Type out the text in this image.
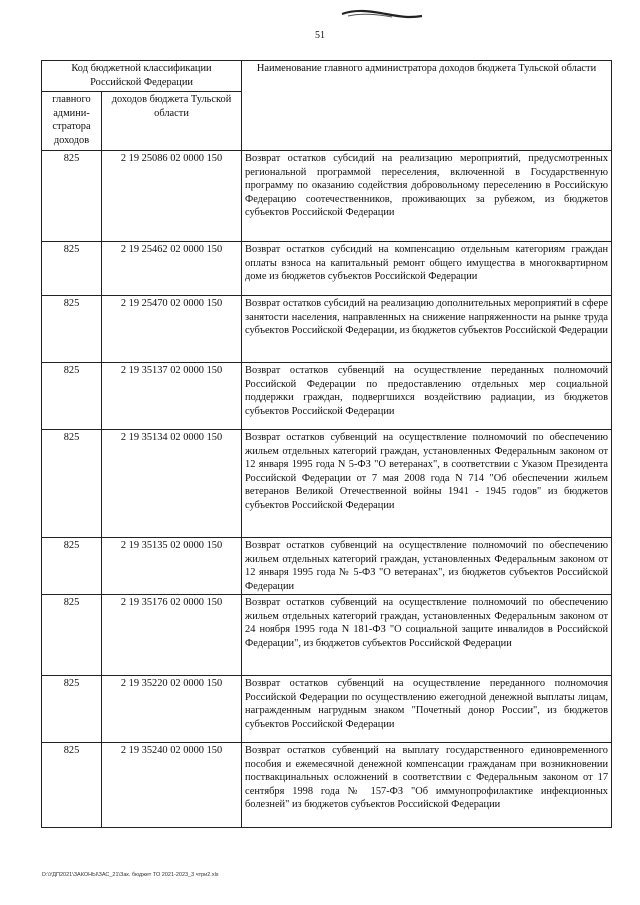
51
Код бюджетной классификации Российской Федерации		Наименование главного администратора доходов бюджета Тульской области
главного админи-стратора доходов	доходов бюджета Тульской области	
825	2 19 25086 02 0000 150	Возврат остатков субсидий на реализацию мероприятий, предусмотренных региональной программой переселения, включенной в Государственную программу по оказанию содействия добровольному переселению в Российскую Федерацию соотечественников, проживающих за рубежом, из бюджетов субъектов Российской Федерации
825	2 19 25462 02 0000 150	Возврат остатков субсидий на компенсацию отдельным категориям граждан оплаты взноса на капитальный ремонт общего имущества в многоквартирном доме из бюджетов субъектов Российской Федерации
825	2 19 25470 02 0000 150	Возврат остатков субсидий на реализацию дополнительных мероприятий в сфере занятости населения, направленных на снижение напряженности на рынке труда субъектов Российской Федерации, из бюджетов субъектов Российской Федерации
825	2 19 35137 02 0000 150	Возврат остатков субвенций на осуществление переданных полномочий Российской Федерации по предоставлению отдельных мер социальной поддержки граждан, подвергшихся воздействию радиации, из бюджетов субъектов Российской Федерации
825	2 19 35134 02 0000 150	Возврат остатков субвенций на осуществление полномочий по обеспечению жильем отдельных категорий граждан, установленных Федеральным законом от 12 января 1995 года N 5-ФЗ "О ветеранах", в соответствии с Указом Президента Российской Федерации от 7 мая 2008 года N 714 "Об обеспечении жильем ветеранов Великой Отечественной войны 1941 - 1945 годов" из бюджетов субъектов Российской Федерации
825	2 19 35135 02 0000 150	Возврат остатков субвенций на осуществление полномочий по обеспечению жильем отдельных категорий граждан, установленных Федеральным законом от 12 января 1995 года № 5-ФЗ "О ветеранах", из бюджетов субъектов Российской Федерации
825	2 19 35176 02 0000 150	Возврат остатков субвенций на осуществление полномочий по обеспечению жильем отдельных категорий граждан, установленных Федеральным законом от 24 ноября 1995 года N 181-ФЗ "О социальной защите инвалидов в Российской Федерации", из бюджетов субъектов Российской Федерации
825	2 19 35220 02 0000 150	Возврат остатков субвенций на осуществление переданного полномочия Российской Федерации по осуществлению ежегодной денежной выплаты лицам, награжденным нагрудным знаком "Почетный донор России", из бюджетов субъектов Российской Федерации
825	2 19 35240 02 0000 150	Возврат остатков субвенций на выплату государственного единовременного пособия и ежемесячной денежной компенсации гражданам при возникновении поствакцинальных осложнений в соответствии с Федеральным законом от 17 сентября 1998 года № 157-ФЗ "Об иммунопрофилактике инфекционных болезней" из бюджетов субъектов Российской Федерации
D:\УДП2021\ЗАКОНЫ\ЗАС_21\Зак. бюджет ТО 2021-2023_3 чтри2.xls
